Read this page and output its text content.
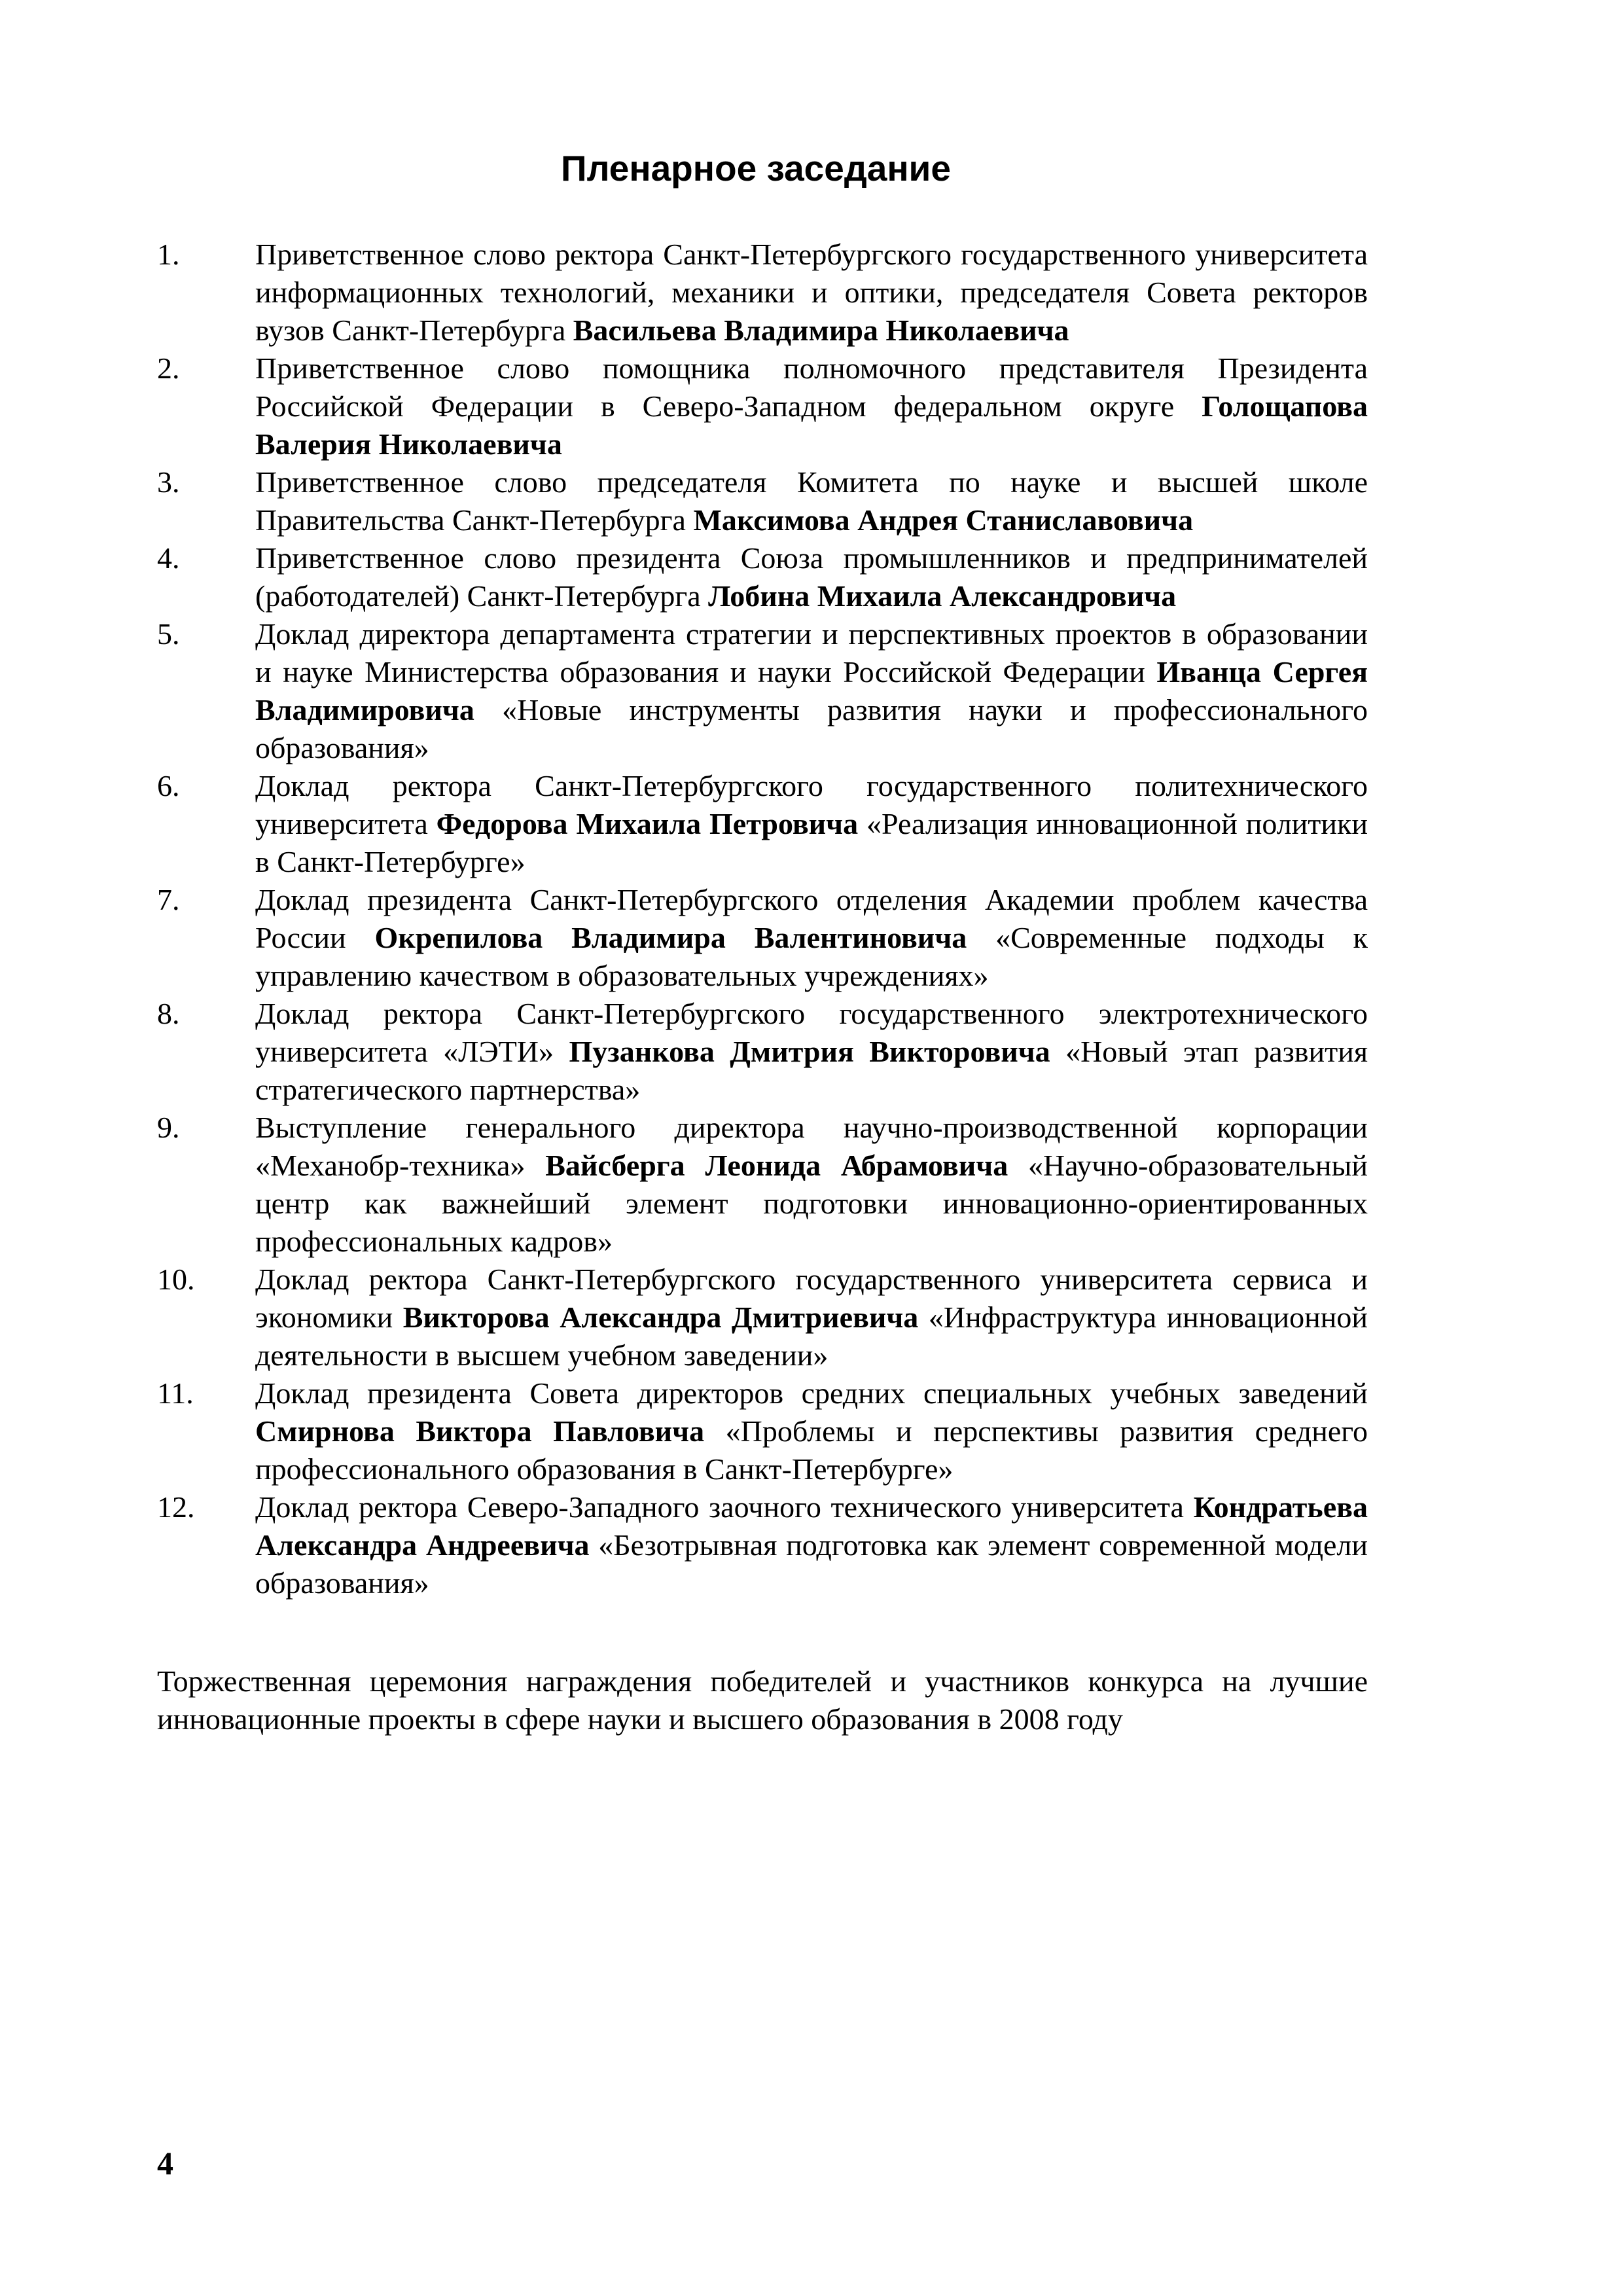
Пленарное заседание
1.	Приветственное слово ректора Санкт-Петербургского государственного университета информационных технологий, механики и оптики, председателя Совета ректоров вузов Санкт-Петербурга Васильева Владимира Николаевича
2.	Приветственное слово помощника полномочного представителя Президента Российской Федерации в Северо-Западном федеральном округе Голощапова Валерия Николаевича
3.	Приветственное слово председателя Комитета по науке и высшей школе Правительства Санкт-Петербурга Максимова Андрея Станиславовича
4.	Приветственное слово президента Союза промышленников и предпринимателей (работодателей) Санкт-Петербурга Лобина Михаила Александровича
5.	Доклад директора департамента стратегии и перспективных проектов в образовании и науке Министерства образования и науки Российской Федерации Иванца Сергея Владимировича «Новые инструменты развития науки и профессионального образования»
6.	Доклад ректора Санкт-Петербургского государственного политехнического университета Федорова Михаила Петровича «Реализация инновационной политики в Санкт-Петербурге»
7.	Доклад президента Санкт-Петербургского отделения Академии проблем качества России Окрепилова Владимира Валентиновича «Современные подходы к управлению качеством в образовательных учреждениях»
8.	Доклад ректора Санкт-Петербургского государственного электротехнического университета «ЛЭТИ» Пузанкова Дмитрия Викторовича «Новый этап развития стратегического партнерства»
9.	Выступление генерального директора научно-производственной корпорации «Механобр-техника» Вайсберга Леонида Абрамовича «Научно-образовательный центр как важнейший элемент подготовки инновационно-ориентированных профессиональных кадров»
10. Доклад ректора Санкт-Петербургского государственного университета сервиса и экономики Викторова Александра Дмитриевича «Инфраструктура инновационной деятельности в высшем учебном заведении»
11. Доклад президента Совета директоров средних специальных учебных заведений Смирнова Виктора Павловича «Проблемы и перспективы развития среднего профессионального образования в Санкт-Петербурге»
12. Доклад ректора Северо-Западного заочного технического университета Кондратьева Александра Андреевича «Безотрывная подготовка как элемент современной модели образования»

Торжественная церемония награждения победителей и участников конкурса на лучшие инновационные проекты в сфере науки и высшего образования в 2008 году

4
